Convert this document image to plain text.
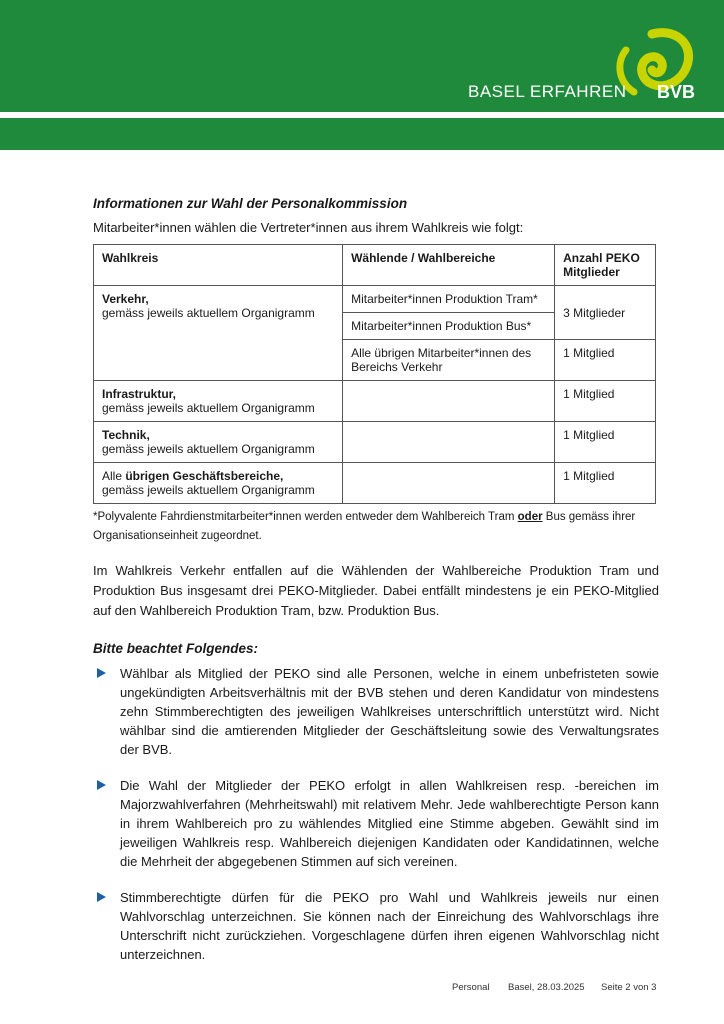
BASEL ERFAHREN BVB

Informationen zur Wahl der Personalkommission

Mitarbeiter*innen wählen die Vertreter*innen aus ihrem Wahlkreis wie folgt:

Wahlkreis	Wählende / Wahlbereiche	Anzahl PEKO Mitglieder

Verkehr,
gemäss jeweils aktuellem Organigramm	Mitarbeiter*innen Produktion Tram*	3 Mitglieder
	Mitarbeiter*innen Produktion Bus*	
	Alle übrigen Mitarbeiter*innen des Bereichs Verkehr	1 Mitglied

Infrastruktur,
gemäss jeweils aktuellem Organigramm		1 Mitglied

Technik,
gemäss jeweils aktuellem Organigramm		1 Mitglied

Alle übrigen Geschäftsbereiche,
gemäss jeweils aktuellem Organigramm		1 Mitglied

*Polyvalente Fahrdienstmitarbeiter*innen werden entweder dem Wahlbereich Tram oder Bus gemäss ihrer Organisationseinheit zugeordnet.

Im Wahlkreis Verkehr entfallen auf die Wählenden der Wahlbereiche Produktion Tram und Produktion Bus insgesamt drei PEKO-Mitglieder. Dabei entfällt mindestens je ein PEKO-Mitglied auf den Wahlbereich Produktion Tram, bzw. Produktion Bus.

Bitte beachtet Folgendes:

Wählbar als Mitglied der PEKO sind alle Personen, welche in einem unbefristeten sowie ungekündigten Arbeitsverhältnis mit der BVB stehen und deren Kandidatur von mindestens zehn Stimmberechtigten des jeweiligen Wahlkreises unterschriftlich unterstützt wird. Nicht wählbar sind die amtierenden Mitglieder der Geschäftsleitung sowie des Verwaltungsrates der BVB.
Die Wahl der Mitglieder der PEKO erfolgt in allen Wahlkreisen resp. -bereichen im Majorzwahlverfahren (Mehrheitswahl) mit relativem Mehr. Jede wahlberechtigte Person kann in ihrem Wahlbereich pro zu wählendes Mitglied eine Stimme abgeben. Gewählt sind im jeweiligen Wahlkreis resp. Wahlbereich diejenigen Kandidaten oder Kandidatinnen, welche die Mehrheit der abgegebenen Stimmen auf sich vereinen.
Stimmberechtigte dürfen für die PEKO pro Wahl und Wahlkreis jeweils nur einen Wahlvorschlag unterzeichnen. Sie können nach der Einreichung des Wahlvorschlags ihre Unterschrift nicht zurückziehen. Vorgeschlagene dürfen ihren eigenen Wahlvorschlag nicht unterzeichnen.
Personal Basel, 28.03.2025 Seite 2 von 3
